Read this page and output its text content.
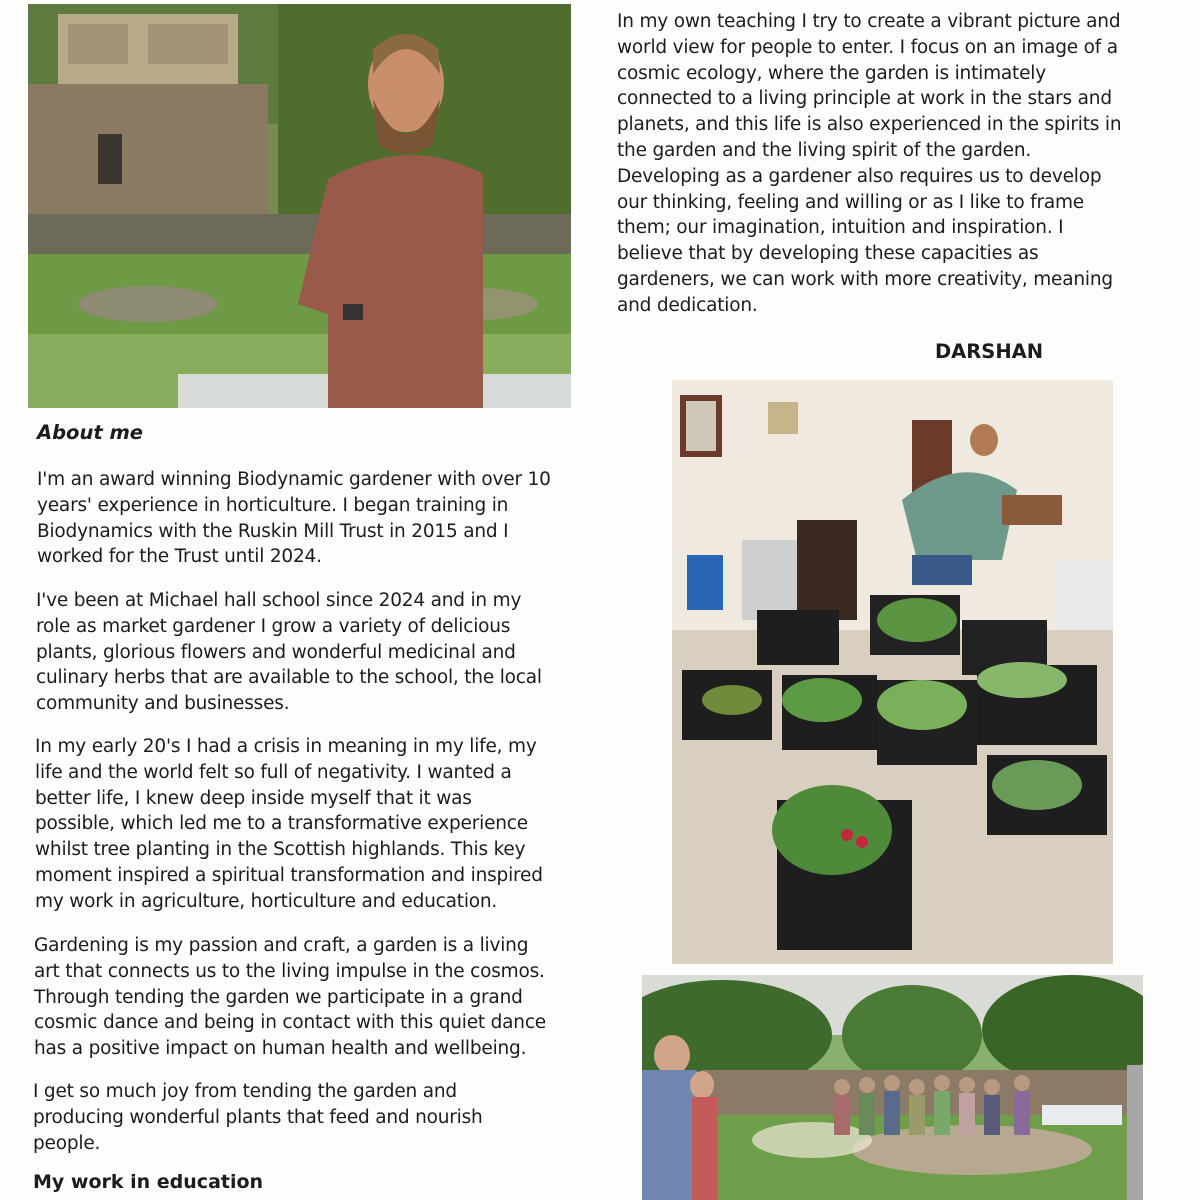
In my own teaching I try to create a vibrant picture and world view for people to enter. I focus on an image of a cosmic ecology, where the garden is intimately connected to a living principle at work in the stars and planets, and this life is also experienced in the spirits in the garden and the living spirit of the garden. Developing as a gardener also requires us to develop our thinking, feeling and willing or as I like to frame them; our imagination, intuition and inspiration. I believe that by developing these capacities as gardeners, we can work with more creativity, meaning and dedication.

DARSHAN
About me

I'm an award winning Biodynamic gardener with over 10 years' experience in horticulture. I began training in Biodynamics with the Ruskin Mill Trust in 2015 and I worked for the Trust until 2024.

I've been at Michael hall school since 2024 and in my role as market gardener I grow a variety of delicious plants, glorious flowers and wonderful medicinal and culinary herbs that are available to the school, the local community and businesses.

In my early 20's I had a crisis in meaning in my life, my life and the world felt so full of negativity. I wanted a better life, I knew deep inside myself that it was possible, which led me to a transformative experience whilst tree planting in the Scottish highlands. This key moment inspired a spiritual transformation and inspired my work in agriculture, horticulture and education.

Gardening is my passion and craft, a garden is a living art that connects us to the living impulse in the cosmos. Through tending the garden we participate in a grand cosmic dance and being in contact with this quiet dance has a positive impact on human health and wellbeing.

I get so much joy from tending the garden and producing wonderful plants that feed and nourish people.

My work in education
